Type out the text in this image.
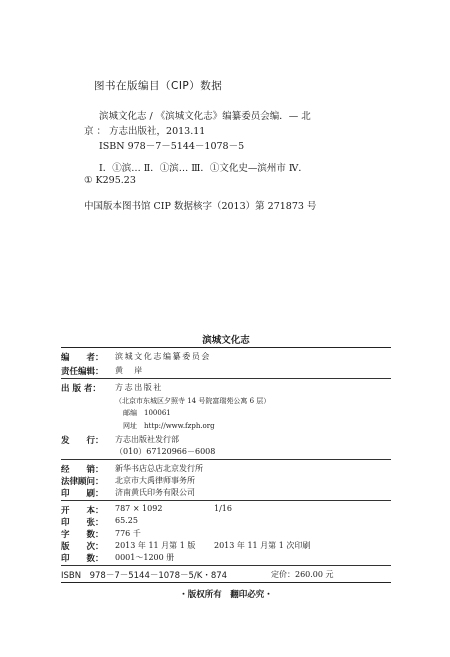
图书在版编目（CIP）数据
滨城文化志 / 《滨城文化志》编纂委员会编．— 北
京 ： 方志出版社，2013.11
ISBN 978－7－5144－1078－5
Ⅰ．①滨… Ⅱ．①滨… Ⅲ．①文化史—滨州市 Ⅳ．
① K295.23
中国版本图书馆 CIP 数据核字（2013）第 271873 号
滨城文化志
编　　者： 滨城文化志编纂委员会
责任编辑： 黄　岸
出 版 者： 方志出版社
（北京市东城区夕照寺 14 号院富瑞苑公寓 6 层）
邮编　100061
网址　http://www.fzph.org
发　　行： 方志出版社发行部
（010）67120966－6008
经　　销： 新华书店总店北京发行所
法律顾问： 北京市大禹律师事务所
印　　刷： 济南黄氏印务有限公司
开　　本： 787 × 1092	1/16
印　　张： 65.25
字　　数： 776 千
版　　次： 2013 年 11 月第 1 版 2013 年 11 月第 1 次印刷
印　　数： 0001～1200 册
ISBN　978－7－5144－1078－5/K・874	定价：260.00 元
・版权所有　翻印必究・
